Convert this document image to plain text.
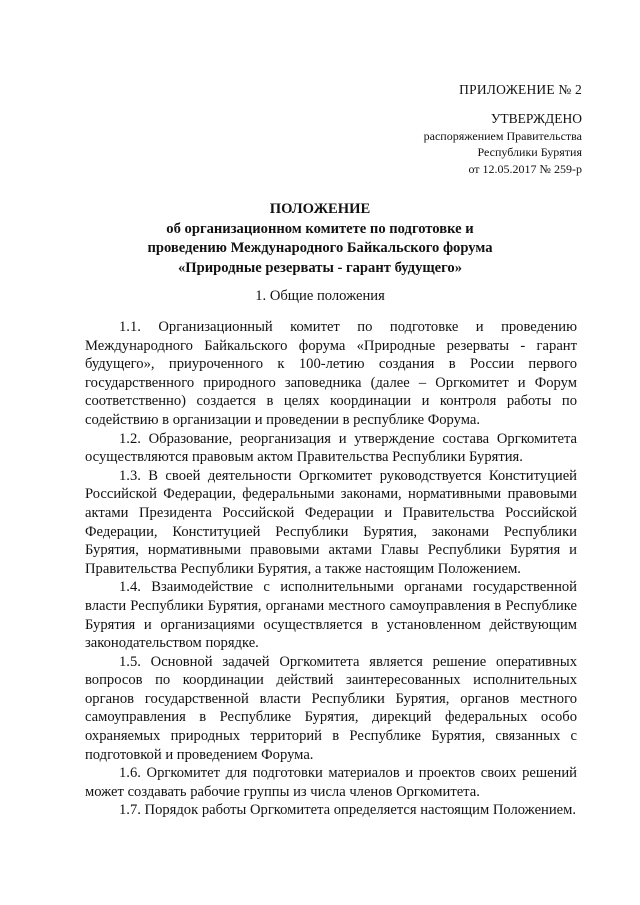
ПРИЛОЖЕНИЕ № 2
УТВЕРЖДЕНО
распоряжением Правительства
Республики Бурятия
от 12.05.2017 № 259-р
ПОЛОЖЕНИЕ
об организационном комитете по подготовке и
проведению Международного Байкальского форума
«Природные резерваты - гарант будущего»
1. Общие положения

1.1. Организационный комитет по подготовке и проведению Международного Байкальского форума «Природные резерваты - гарант будущего», приуроченного к 100-летию создания в России первого государственного природного заповедника (далее – Оргкомитет и Форум соответственно) создается в целях координации и контроля работы по содействию в организации и проведении в республике Форума.

1.2. Образование, реорганизация и утверждение состава Оргкомитета осуществляются правовым актом Правительства Республики Бурятия.

1.3. В своей деятельности Оргкомитет руководствуется Конституцией Российской Федерации, федеральными законами, нормативными правовыми актами Президента Российской Федерации и Правительства Российской Федерации, Конституцией Республики Бурятия, законами Республики Бурятия, нормативными правовыми актами Главы Республики Бурятия и Правительства Республики Бурятия, а также настоящим Положением.

1.4. Взаимодействие с исполнительными органами государственной власти Республики Бурятия, органами местного самоуправления в Республике Бурятия и организациями осуществляется в установленном действующим законодательством порядке.

1.5. Основной задачей Оргкомитета является решение оперативных вопросов по координации действий заинтересованных исполнительных органов государственной власти Республики Бурятия, органов местного самоуправления в Республике Бурятия, дирекций федеральных особо охраняемых природных территорий в Республике Бурятия, связанных с подготовкой и проведением Форума.

1.6. Оргкомитет для подготовки материалов и проектов своих решений может создавать рабочие группы из числа членов Оргкомитета.

1.7. Порядок работы Оргкомитета определяется настоящим Положением.
